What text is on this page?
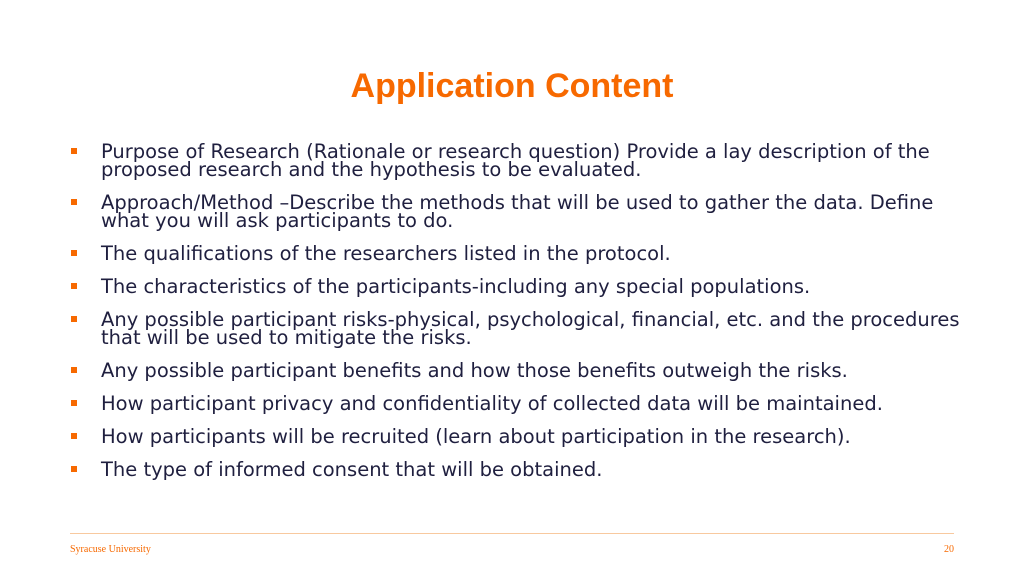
Application Content
Purpose of Research (Rationale or research question) Provide a lay description of the proposed research and the hypothesis to be evaluated.
Approach/Method –Describe the methods that will be used to gather the data. Define what you will ask participants to do.
The qualifications of the researchers listed in the protocol.
The characteristics of the participants-including any special populations.
Any possible participant risks-physical, psychological, financial, etc. and the procedures that will be used to mitigate the risks.
Any possible participant benefits and how those benefits outweigh the risks.
How participant privacy and confidentiality of collected data will be maintained.
How participants will be recruited (learn about participation in the research).
The type of informed consent that will be obtained.
Syracuse University	20
